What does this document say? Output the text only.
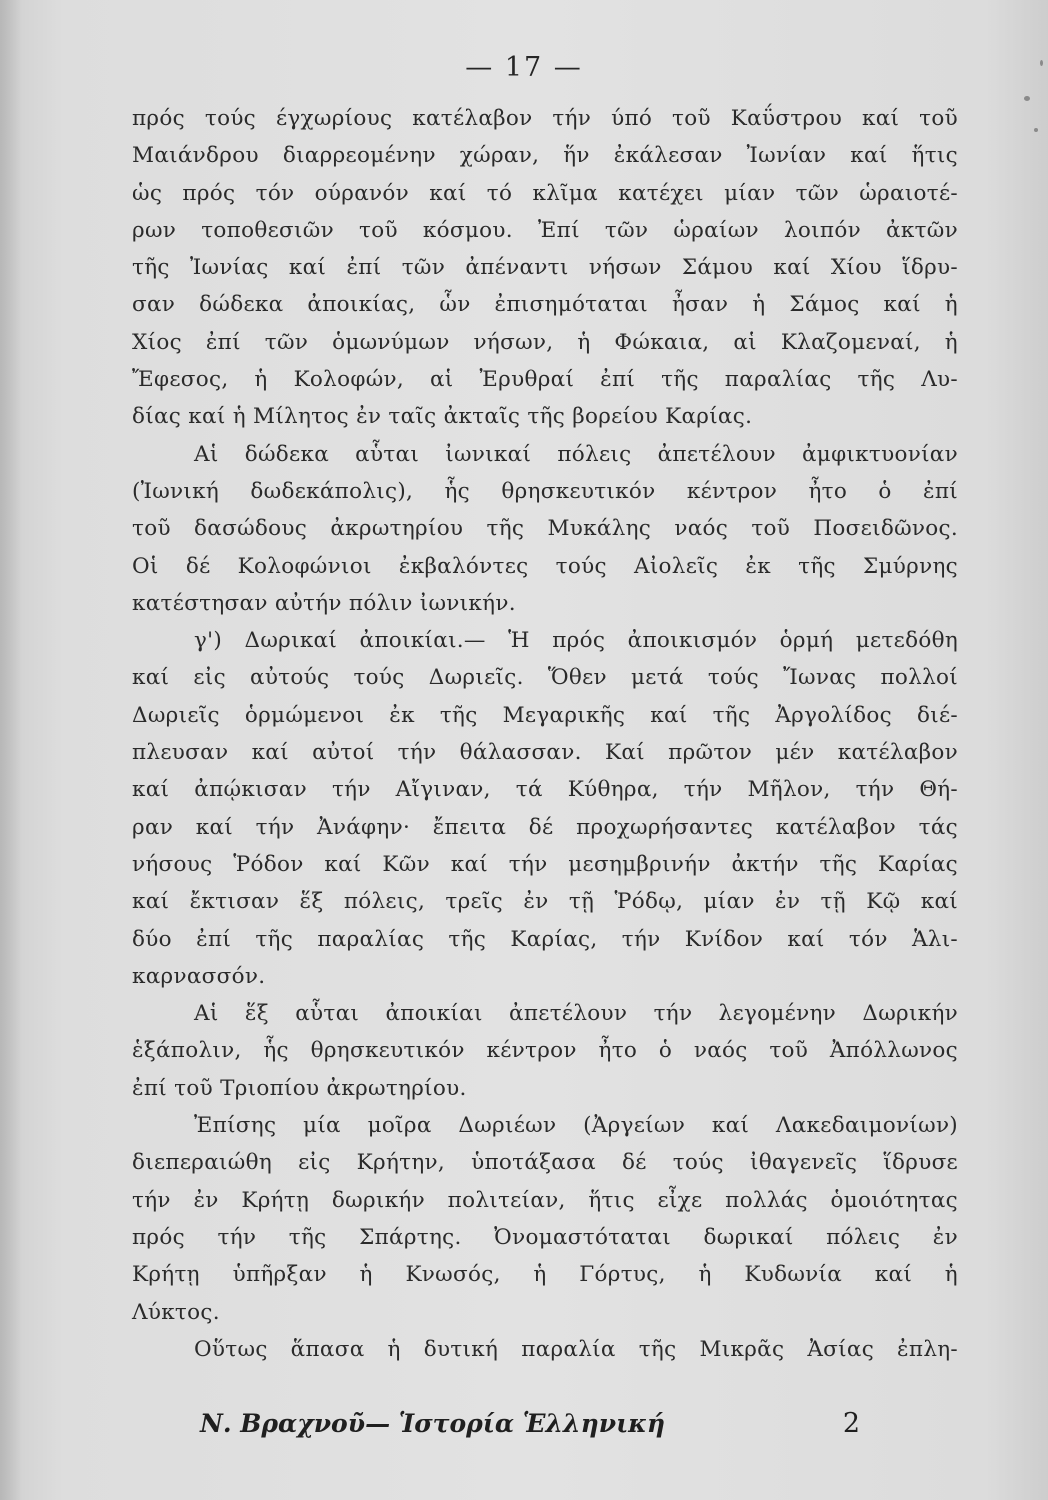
— 17 —
πρός τούς έγχωρίους κατέλαβον τήν ύπό τοῦ Καΰστρου καί τοῦ
Μαιάνδρου διαρρεομένην χώραν, ἥν ἐκάλεσαν Ἰωνίαν καί ἥτις
ὡς πρός τόν ούρανόν καί τό κλῖμα κατέχει μίαν τῶν ὡραιοτέ-
ρων τοποθεσιῶν τοῦ κόσμου. Ἐπί τῶν ὡραίων λοιπόν ἀκτῶν
τῆς Ἰωνίας καί ἐπί τῶν ἀπέναντι νήσων Σάμου καί Χίου ἵδρυ-
σαν δώδεκα ἀποικίας, ὧν ἐπισημόταται ἦσαν ἡ Σάμος καί ἡ
Χίος ἐπί τῶν ὁμωνύμων νήσων, ἡ Φώκαια, αἱ Κλαζομεναί, ἡ
Ἔφεσος, ἡ Κολοφών, αἱ Ἐρυθραί ἐπί τῆς παραλίας τῆς Λυ-
δίας καί ἡ Μίλητος ἐν ταῖς ἀκταῖς τῆς βορείου Καρίας.
Αἱ δώδεκα αὗται ἰωνικαί πόλεις ἀπετέλουν ἀμφικτυονίαν
(Ἰωνική δωδεκάπολις), ἧς θρησκευτικόν κέντρον ἦτο ὁ ἐπί
τοῦ δασώδους ἀκρωτηρίου τῆς Μυκάλης ναός τοῦ Ποσειδῶνος.
Οἱ δέ Κολοφώνιοι ἐκβαλόντες τούς Αἰολεῖς ἐκ τῆς Σμύρνης
κατέστησαν αὐτήν πόλιν ἰωνικήν.
γ') Δωρικαί ἀποικίαι.— Ἡ πρός ἀποικισμόν ὁρμή μετεδόθη
καί εἰς αὐτούς τούς Δωριεῖς. Ὅθεν μετά τούς Ἴωνας πολλοί
Δωριεῖς ὁρμώμενοι ἐκ τῆς Μεγαρικῆς καί τῆς Ἀργολίδος διέ-
πλευσαν καί αὐτοί τήν θάλασσαν. Καί πρῶτον μέν κατέλαβον
καί ἀπῴκισαν τήν Αἴγιναν, τά Κύθηρα, τήν Μῆλον, τήν Θή-
ραν καί τήν Ἀνάφην· ἔπειτα δέ προχωρήσαντες κατέλαβον τάς
νήσους Ῥόδον καί Κῶν καί τήν μεσημβρινήν ἀκτήν τῆς Καρίας
καί ἔκτισαν ἕξ πόλεις, τρεῖς ἐν τῇ Ῥόδῳ, μίαν ἐν τῇ Κῷ καί
δύο ἐπί τῆς παραλίας τῆς Καρίας, τήν Κνίδον καί τόν Ἁλι-
καρνασσόν.
Αἱ ἕξ αὗται ἀποικίαι ἀπετέλουν τήν λεγομένην Δωρικήν
ἑξάπολιν, ἧς θρησκευτικόν κέντρον ἦτο ὁ ναός τοῦ Ἀπόλλωνος
ἐπί τοῦ Τριοπίου ἀκρωτηρίου.
Ἐπίσης μία μοῖρα Δωριέων (Ἀργείων καί Λακεδαιμονίων)
διεπεραιώθη εἰς Κρήτην, ὑποτάξασα δέ τούς ἰθαγενεῖς ἵδρυσε
τήν ἐν Κρήτῃ δωρικήν πολιτείαν, ἥτις εἶχε πολλάς ὁμοιότητας
πρός τήν τῆς Σπάρτης. Ὀνομαστόταται δωρικαί πόλεις ἐν
Κρήτῃ ὑπῆρξαν ἡ Κνωσός, ἡ Γόρτυς, ἡ Κυδωνία καί ἡ
Λύκτος.
Οὕτως ἅπασα ἡ δυτική παραλία τῆς Μικρᾶς Ἀσίας ἐπλη-
Ν. Βραχνοῦ— Ἱστορία Ἑλληνική	2
